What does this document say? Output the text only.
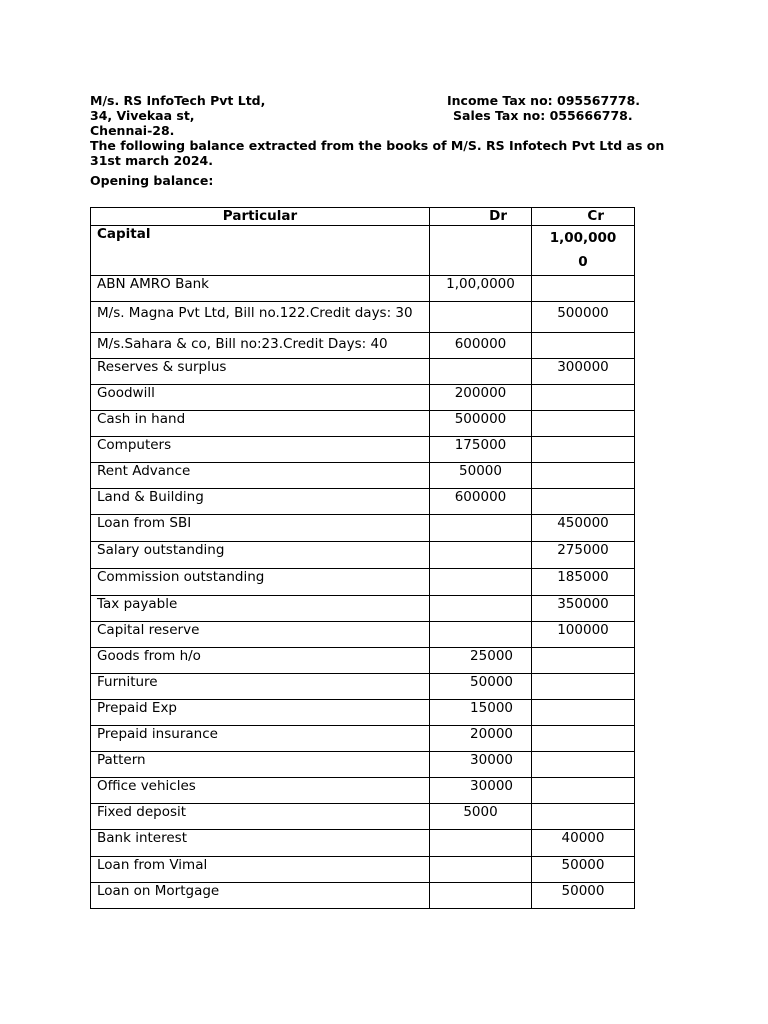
M/s. RS InfoTech Pvt Ltd,	Income Tax no: 095567778.
34, Vivekaa st,	Sales Tax no: 055666778.
Chennai-28.
The following balance extracted from the books of M/S. RS Infotech Pvt Ltd as on
31st march 2024.
Opening balance:
Particular	Dr	Cr
Capital		1,00,000
0
ABN AMRO Bank	1,00,0000	
M/s. Magna Pvt Ltd, Bill no.122.Credit days: 30		500000
M/s.Sahara & co, Bill no:23.Credit Days: 40	600000	
Reserves & surplus		300000
Goodwill	200000	
Cash in hand	500000	
Computers	175000	
Rent Advance	50000	
Land & Building	600000	
Loan from SBI		450000
Salary outstanding		275000
Commission outstanding		185000
Tax payable		350000
Capital reserve		100000
Goods from h/o	25000	
Furniture	50000	
Prepaid Exp	15000	
Prepaid insurance	20000	
Pattern	30000	
Office vehicles	30000	
Fixed deposit	5000	
Bank interest		40000
Loan from Vimal		50000
Loan on Mortgage		50000
